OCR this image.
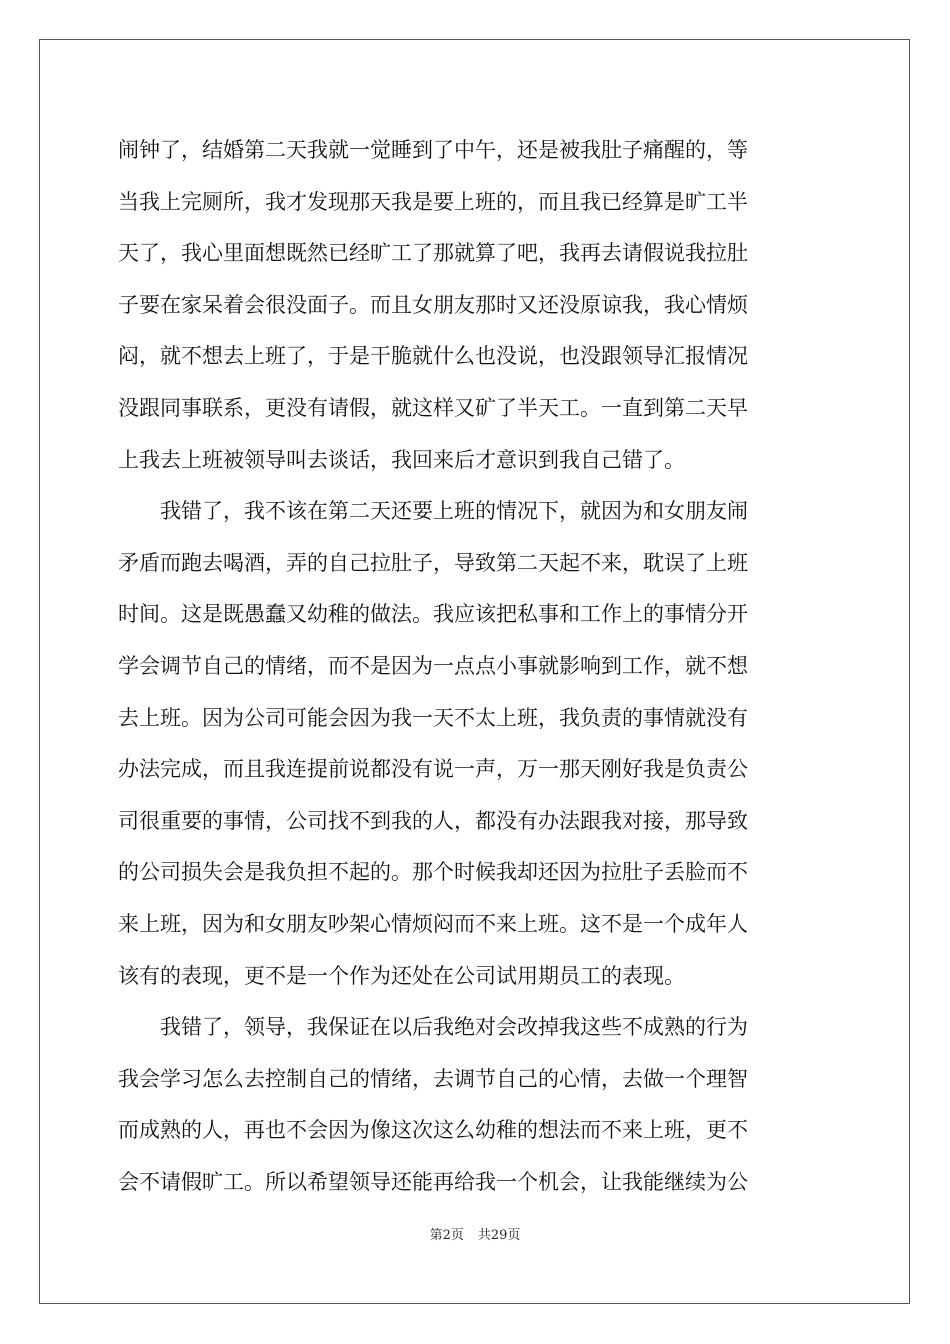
闹钟了，结婚第二天我就一觉睡到了中午，还是被我肚子痛醒的，等
当我上完厕所，我才发现那天我是要上班的，而且我已经算是旷工半
天了，我心里面想既然已经旷工了那就算了吧，我再去请假说我拉肚
子要在家呆着会很没面子。而且女朋友那时又还没原谅我，我心情烦
闷，就不想去上班了，于是干脆就什么也没说，也没跟领导汇报情况
没跟同事联系，更没有请假，就这样又矿了半天工。一直到第二天早
上我去上班被领导叫去谈话，我回来后才意识到我自己错了。
我错了，我不该在第二天还要上班的情况下，就因为和女朋友闹
矛盾而跑去喝酒，弄的自己拉肚子，导致第二天起不来，耽误了上班
时间。这是既愚蠢又幼稚的做法。我应该把私事和工作上的事情分开
学会调节自己的情绪，而不是因为一点点小事就影响到工作，就不想
去上班。因为公司可能会因为我一天不太上班，我负责的事情就没有
办法完成，而且我连提前说都没有说一声，万一那天刚好我是负责公
司很重要的事情，公司找不到我的人，都没有办法跟我对接，那导致
的公司损失会是我负担不起的。那个时候我却还因为拉肚子丢脸而不
来上班，因为和女朋友吵架心情烦闷而不来上班。这不是一个成年人
该有的表现，更不是一个作为还处在公司试用期员工的表现。
我错了，领导，我保证在以后我绝对会改掉我这些不成熟的行为
我会学习怎么去控制自己的情绪，去调节自己的心情，去做一个理智
而成熟的人，再也不会因为像这次这么幼稚的想法而不来上班，更不
会不请假旷工。所以希望领导还能再给我一个机会，让我能继续为公
第2页 共29页
